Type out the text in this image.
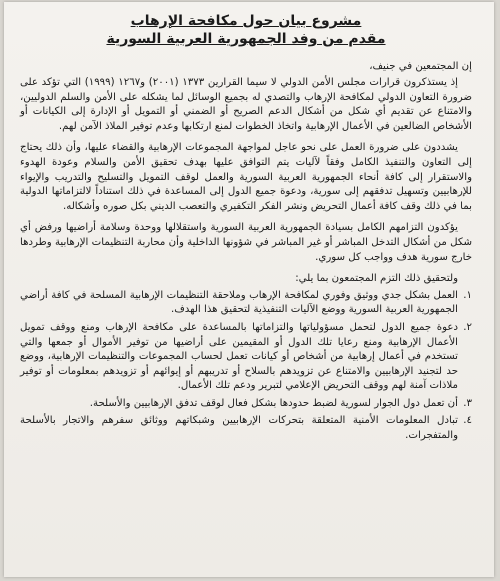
مشروع بيان حول مكافحة الإرهاب

مقدم من وفد الجمهورية العربية السورية

إن المجتمعين في جنيف،

إذ يستذكرون قرارات مجلس الأمن الدولي لا سيما القرارين ١٣٧٣ (٢٠٠١) و١٢٦٧ (١٩٩٩) التي تؤكد على ضرورة التعاون الدولي لمكافحة الإرهاب والتصدي له بجميع الوسائل لما يشكله على الأمن والسلم الدوليين، والامتناع عن تقديم أي شكل من أشكال الدعم الصريح أو الضمني أو التمويل أو الإدارة إلى الكيانات أو الأشخاص الضالعين في الأعمال الإرهابية واتخاذ الخطوات لمنع ارتكابها وعدم توفير الملاذ الآمن لهم.

يشددون على ضرورة العمل على نحو عاجل لمواجهة المجموعات الإرهابية والقضاء عليها، وأن ذلك يحتاج إلى التعاون والتنفيذ الكامل وفقاً لآليات يتم التوافق عليها بهدف تحقيق الأمن والسلام وعودة الهدوء والاستقرار إلى كافة أنحاء الجمهورية العربية السورية والعمل لوقف التمويل والتسليح والتدريب والإيواء للإرهابيين وتسهيل تدفقهم إلى سورية، ودعوة جميع الدول إلى المساعدة في ذلك استناداً لالتزاماتها الدولية بما في ذلك وقف كافة أعمال التحريض ونشر الفكر التكفيري والتعصب الديني بكل صوره وأشكاله.

يؤكدون التزامهم الكامل بسيادة الجمهورية العربية السورية واستقلالها ووحدة وسلامة أراضيها ورفض أي شكل من أشكال التدخل المباشر أو غير المباشر في شؤونها الداخلية وأن محاربة التنظيمات الإرهابية وطردها خارج سورية هدف وواجب كل سوري.

ولتحقيق ذلك التزم المجتمعون بما يلي:

١.العمل بشكل جدي ووثيق وفوري لمكافحة الإرهاب وملاحقة التنظيمات الإرهابية المسلحة في كافة أراضي الجمهورية العربية السورية ووضع الآليات التنفيذية لتحقيق هذا الهدف.

٢.دعوة جميع الدول لتحمل مسؤولياتها والتزاماتها بالمساعدة على مكافحة الإرهاب ومنع ووقف تمويل الأعمال الإرهابية ومنع رعايا تلك الدول أو المقيمين على أراضيها من توفير الأموال أو جمعها والتي تستخدم في أعمال إرهابية من أشخاص أو كيانات تعمل لحساب المجموعات والتنظيمات الإرهابية، ووضع حد لتجنيد الإرهابيين والامتناع عن تزويدهم بالسلاح أو تدريبهم أو إيوائهم أو تزويدهم بمعلومات أو توفير ملاذات آمنة لهم ووقف التحريض الإعلامي لتبرير ودعم تلك الأعمال.

٣.أن تعمل دول الجوار لسورية لضبط حدودها بشكل فعال لوقف تدفق الإرهابيين والأسلحة.

٤.تبادل المعلومات الأمنية المتعلقة بتحركات الإرهابيين وشبكاتهم ووثائق سفرهم والاتجار بالأسلحة والمتفجرات.
